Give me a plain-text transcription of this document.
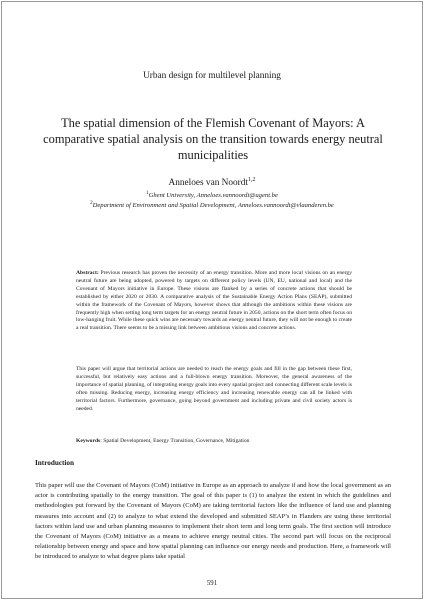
Urban design for multilevel planning
The spatial dimension of the Flemish Covenant of Mayors: A comparative spatial analysis on the transition towards energy neutral municipalities
Anneloes van Noordt$^{1,2}$
$^1$Ghent University, Anneloes.vannoordt@ugent.be
$^2$Department of Environment and Spatial Development, Anneloes.vannoordt@vlaanderen.be

Abstract: Previous research has proven the necessity of an energy transition. More and more local visions on an energy neutral future are being adopted, powered by targets on different policy levels (UN, EU, national and local) and the Covenant of Mayors initiative in Europe. These visions are flanked by a series of concrete actions that should be established by either 2020 or 2030. A comparative analysis of the Sustainable Energy Action Plans (SEAP), submitted within the framework of the Covenant of Mayors, however shows that although the ambitions within these visions are frequently high when setting long term targets for an energy neutral future in 2050, actions on the short term often focus on low-hanging fruit. While these quick wins are necessary towards an energy neutral future, they will not be enough to create a real transition. There seems to be a missing link between ambitious visions and concrete actions.

This paper will argue that territorial actions are needed to reach the energy goals and fill in the gap between these first, successful, but relatively easy actions and a full-blown energy transition. Moreover, the general awareness of the importance of spatial planning, of integrating energy goals into every spatial project and connecting different scale levels is often missing. Reducing energy, increasing energy efficiency and increasing renewable energy can all be linked with territorial factors. Furthermore, governance, going beyond government and including private and civil society actors is needed.

Keywords: Spatial Development, Energy Transition, Governance, Mitigation

Introduction

This paper will use the Covenant of Mayors (CoM) initiative in Europe as an approach to analyze if and how the local government as an actor is contributing spatially to the energy transition. The goal of this paper is (1) to analyze the extent in which the guidelines and methodologies put forward by the Covenant of Mayors (CoM) are taking territorial factors like the influence of land use and planning measures into account and (2) to analyze to what extend the developed and submitted SEAP’s in Flanders are using these territorial factors within land use and urban planning measures to implement their short term and long term goals. The first section will introduce the Covenant of Mayors (CoM) initiative as a means to achieve energy neutral cities. The second part will focus on the reciprocal relationship between energy and space and how spatial planning can influence our energy needs and production. Here, a framework will be introduced to analyze to what degree plans take spatial

591
